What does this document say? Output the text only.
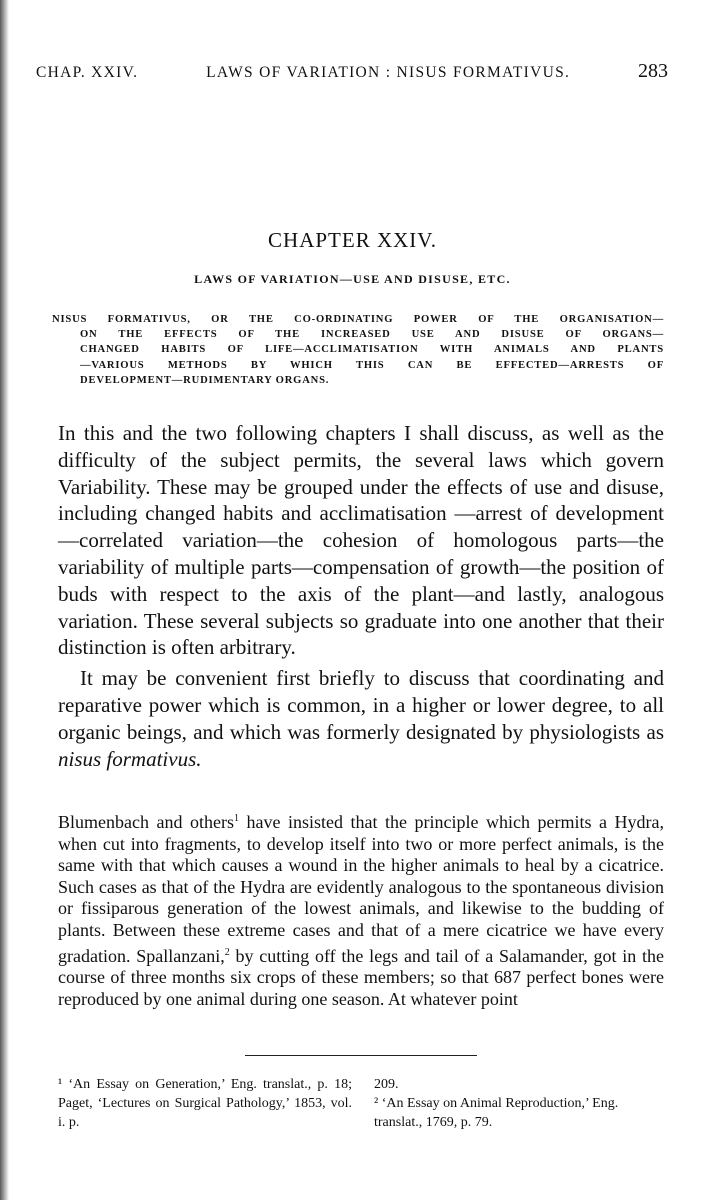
CHAP. XXIV.	LAWS OF VARIATION : NISUS FORMATIVUS.	283
CHAPTER XXIV.
LAWS OF VARIATION—USE AND DISUSE, ETC.
NISUS FORMATIVUS, OR THE CO-ORDINATING POWER OF THE ORGANISATION—
ON THE EFFECTS OF THE INCREASED USE AND DISUSE OF ORGANS—
CHANGED HABITS OF LIFE—ACCLIMATISATION WITH ANIMALS AND PLANTS
—VARIOUS METHODS BY WHICH THIS CAN BE EFFECTED—ARRESTS OF
DEVELOPMENT—RUDIMENTARY ORGANS.

In this and the two following chapters I shall discuss, as well as the difficulty of the subject permits, the several laws which govern Variability. These may be grouped under the effects of use and disuse, including changed habits and acclimatisation —arrest of development—correlated variation—the cohesion of homologous parts—the variability of multiple parts—compensation of growth—the position of buds with respect to the axis of the plant—and lastly, analogous variation. These several subjects so graduate into one another that their distinction is often arbitrary.

It may be convenient first briefly to discuss that coordinating and reparative power which is common, in a higher or lower degree, to all organic beings, and which was formerly designated by physiologists as nisus formativus.

Blumenbach and others$^1$ have insisted that the principle which permits a Hydra, when cut into fragments, to develop itself into two or more perfect animals, is the same with that which causes a wound in the higher animals to heal by a cicatrice. Such cases as that of the Hydra are evidently analogous to the spontaneous division or fissiparous generation of the lowest animals, and likewise to the budding of plants. Between these extreme cases and that of a mere cicatrice we have every gradation. Spallanzani,$^2$ by cutting off the legs and tail of a Salamander, got in the course of three months six crops of these members; so that 687 perfect bones were reproduced by one animal during one season. At whatever point

¹ ‘An Essay on Generation,’ Eng. translat., p. 18; Paget, ‘Lectures on Surgical Pathology,’ 1853, vol. i. p.
209.
² ‘An Essay on Animal Reproduction,’ Eng. translat., 1769, p. 79.
